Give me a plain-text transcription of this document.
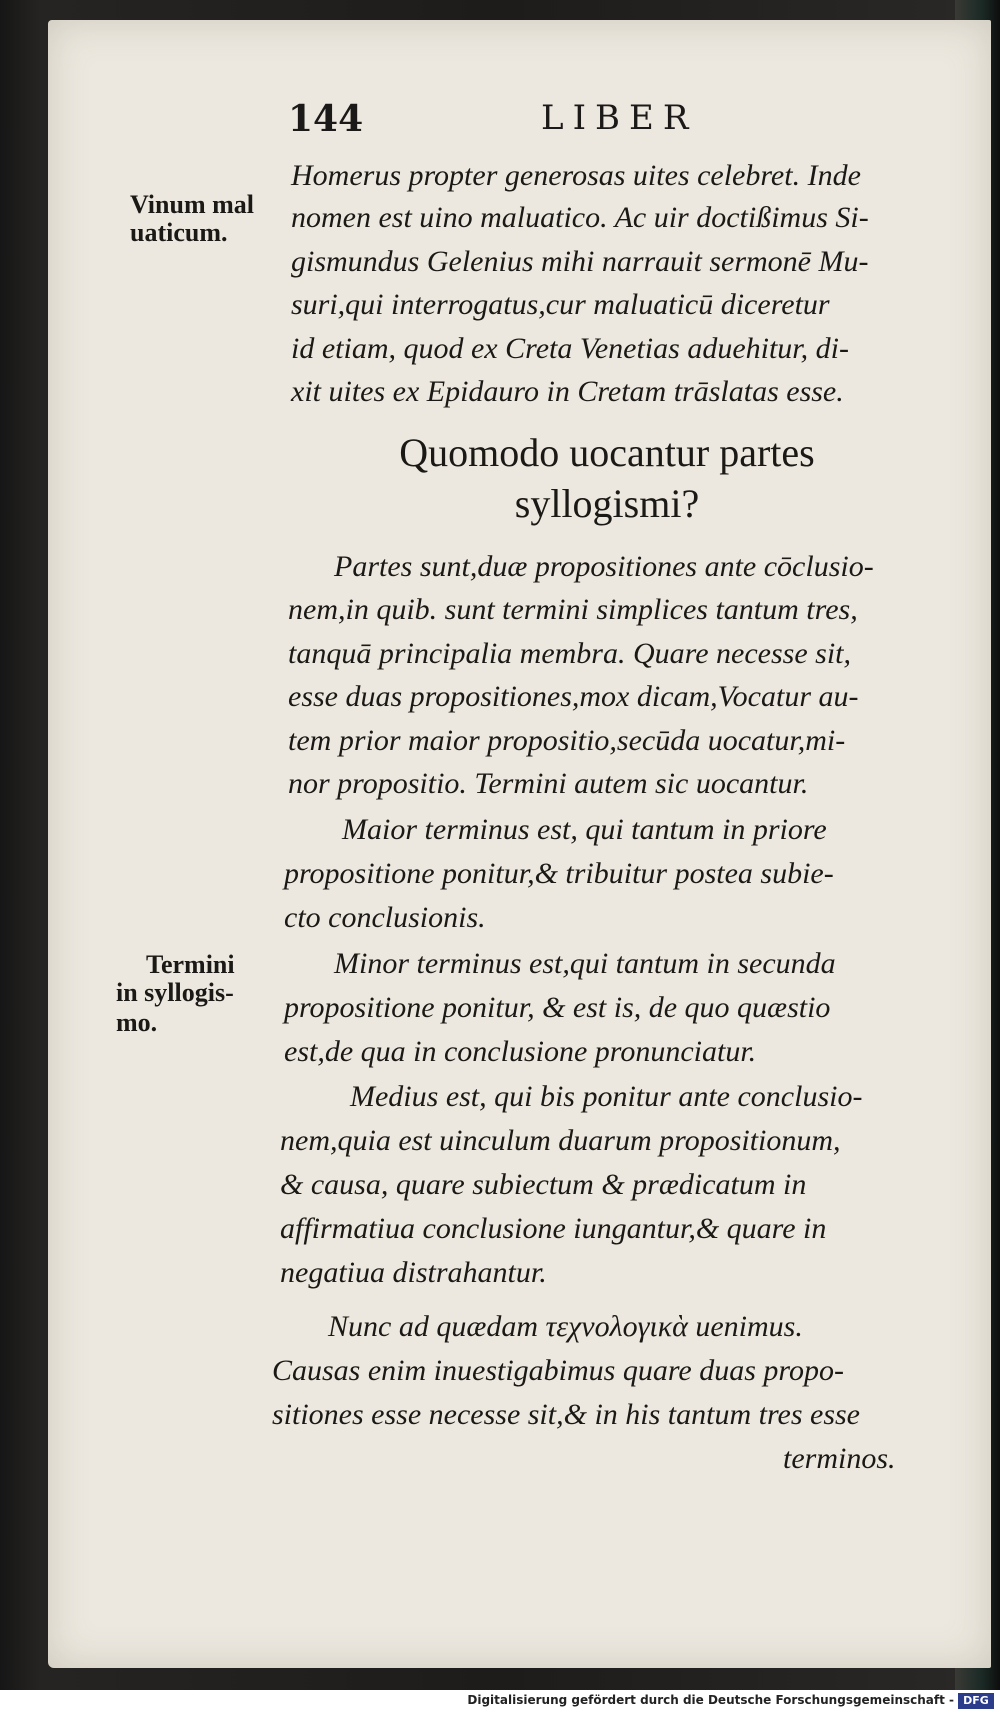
144	LIBER
Vinum mal
uaticum.
Termini
in syllogis-
mo.
Homerus propter generosas uites celebret. Inde
nomen est uino maluatico. Ac uir doctißimus Si-
gismundus Gelenius mihi narrauit sermonē Mu-
suri,qui interrogatus,cur maluaticū diceretur
id etiam, quod ex Creta Venetias aduehitur, di-
xit uites ex Epidauro in Cretam trāslatas esse.
Quomodo uocantur partes
syllogismi?
Partes sunt,duæ propositiones ante cōclusio-
nem,in quib. sunt termini simplices tantum tres,
tanquā principalia membra. Quare necesse sit,
esse duas propositiones,mox dicam,Vocatur au-
tem prior maior propositio,secūda uocatur,mi-
nor propositio. Termini autem sic uocantur.
Maior terminus est, qui tantum in priore
propositione ponitur,& tribuitur postea subie-
cto conclusionis.
Minor terminus est,qui tantum in secunda
propositione ponitur, & est is, de quo quæstio
est,de qua in conclusione pronunciatur.
Medius est, qui bis ponitur ante conclusio-
nem,quia est uinculum duarum propositionum,
& causa, quare subiectum & prædicatum in
affirmatiua conclusione iungantur,& quare in
negatiua distrahantur.
Nunc ad quædam τεχνολογικὰ uenimus.
Causas enim inuestigabimus quare duas propo-
sitiones esse necesse sit,& in his tantum tres esse
terminos.
Digitalisierung gefördert durch die Deutsche Forschungsgemeinschaft - DFG
